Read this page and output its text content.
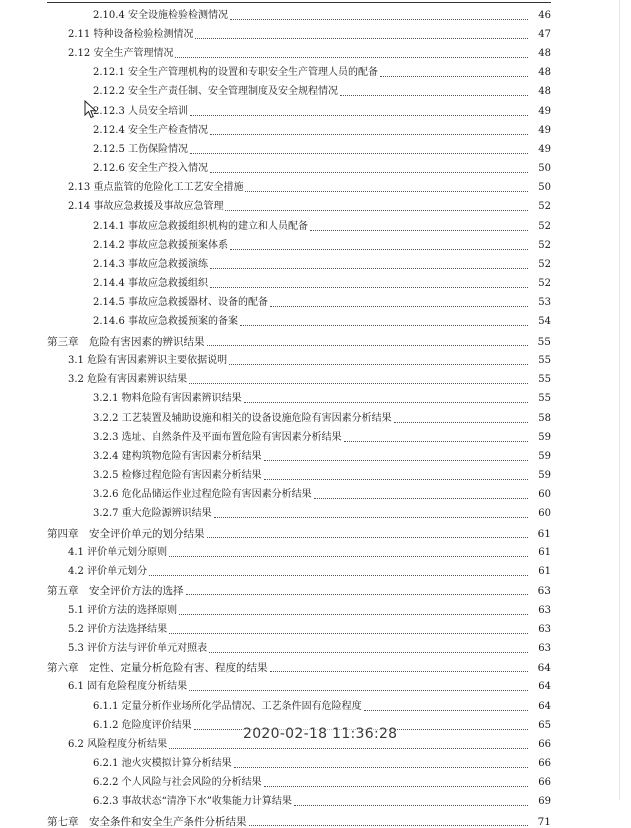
2.10.4 安全设施检验检测情况	46
2.11 特种设备检验检测情况	47
2.12 安全生产管理情况	48
2.12.1 安全生产管理机构的设置和专职安全生产管理人员的配备	48
2.12.2 安全生产责任制、安全管理制度及安全规程情况	48
2.12.3 人员安全培训	49
2.12.4 安全生产检查情况	49
2.12.5 工伤保险情况	49
2.12.6 安全生产投入情况	50
2.13 重点监管的危险化工工艺安全措施	50
2.14 事故应急救援及事故应急管理	52
2.14.1 事故应急救援组织机构的建立和人员配备	52
2.14.2 事故应急救援预案体系	52
2.14.3 事故应急救援演练	52
2.14.4 事故应急救援组织	52
2.14.5 事故应急救援器材、设备的配备	53
2.14.6 事故应急救援预案的备案	54
第三章　危险有害因素的辨识结果	55
3.1 危险有害因素辨识主要依据说明	55
3.2 危险有害因素辨识结果	55
3.2.1 物料危险有害因素辨识结果	55
3.2.2 工艺装置及辅助设施和相关的设备设施危险有害因素分析结果	58
3.2.3 选址、自然条件及平面布置危险有害因素分析结果	59
3.2.4 建构筑物危险有害因素分析结果	59
3.2.5 检修过程危险有害因素分析结果	59
3.2.6 危化品储运作业过程危险有害因素分析结果	60
3.2.7 重大危险源辨识结果	60
第四章　安全评价单元的划分结果	61
4.1 评价单元划分原则	61
4.2 评价单元划分	61
第五章　安全评价方法的选择	63
5.1 评价方法的选择原则	63
5.2 评价方法选择结果	63
5.3 评价方法与评价单元对照表	63
第六章　定性、定量分析危险有害、程度的结果	64
6.1 固有危险程度分析结果	64
6.1.1 定量分析作业场所化学品情况、工艺条件固有危险程度	64
6.1.2 危险度评价结果	65
6.2 风险程度分析结果	66
6.2.1 池火灾模拟计算分析结果	66
6.2.2 个人风险与社会风险的分析结果	66
6.2.3 事故状态“清净下水”收集能力计算结果	69
第七章　安全条件和安全生产条件分析结果	71
2020-02-18 11:36:28
